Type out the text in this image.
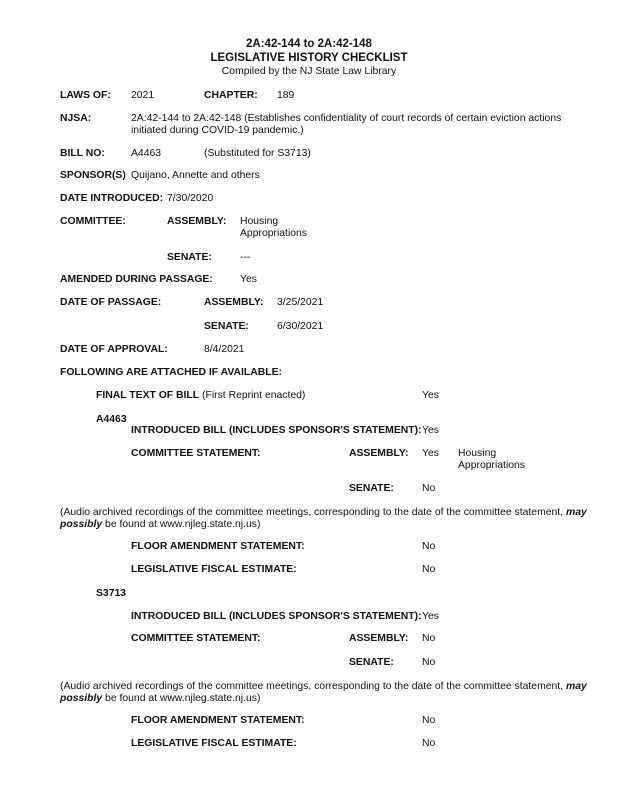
2A:42-144 to 2A:42-148
LEGISLATIVE HISTORY CHECKLIST
Compiled by the NJ State Law Library
LAWS OF: 2021	CHAPTER: 189
NJSA:	2A:42-144 to 2A:42-148 (Establishes confidentiality of court records of certain eviction actions initiated during COVID-19 pandemic.)
BILL NO:	A4463	(Substituted for S3713)
SPONSOR(S) Quijano, Annette and others
DATE INTRODUCED: 7/30/2020
COMMITTEE:	ASSEMBLY: Housing
Appropriations
SENATE:	---
AMENDED DURING PASSAGE:	Yes
DATE OF PASSAGE:	ASSEMBLY: 3/25/2021
SENATE:	6/30/2021
DATE OF APPROVAL:	8/4/2021
FOLLOWING ARE ATTACHED IF AVAILABLE:
FINAL TEXT OF BILL (First Reprint enacted)	Yes
A4463
INTRODUCED BILL (INCLUDES SPONSOR'S STATEMENT): Yes
COMMITTEE STATEMENT:	ASSEMBLY: Yes Housing
Appropriations
SENATE:	No
(Audio archived recordings of the committee meetings, corresponding to the date of the committee statement, may possibly be found at www.njleg.state.nj.us)
FLOOR AMENDMENT STATEMENT:	No
LEGISLATIVE FISCAL ESTIMATE:	No
S3713
INTRODUCED BILL (INCLUDES SPONSOR'S STATEMENT): Yes
COMMITTEE STATEMENT:	ASSEMBLY: No
SENATE:	No
(Audio archived recordings of the committee meetings, corresponding to the date of the committee statement, may possibly be found at www.njleg.state.nj.us)
FLOOR AMENDMENT STATEMENT:	No
LEGISLATIVE FISCAL ESTIMATE:	No
